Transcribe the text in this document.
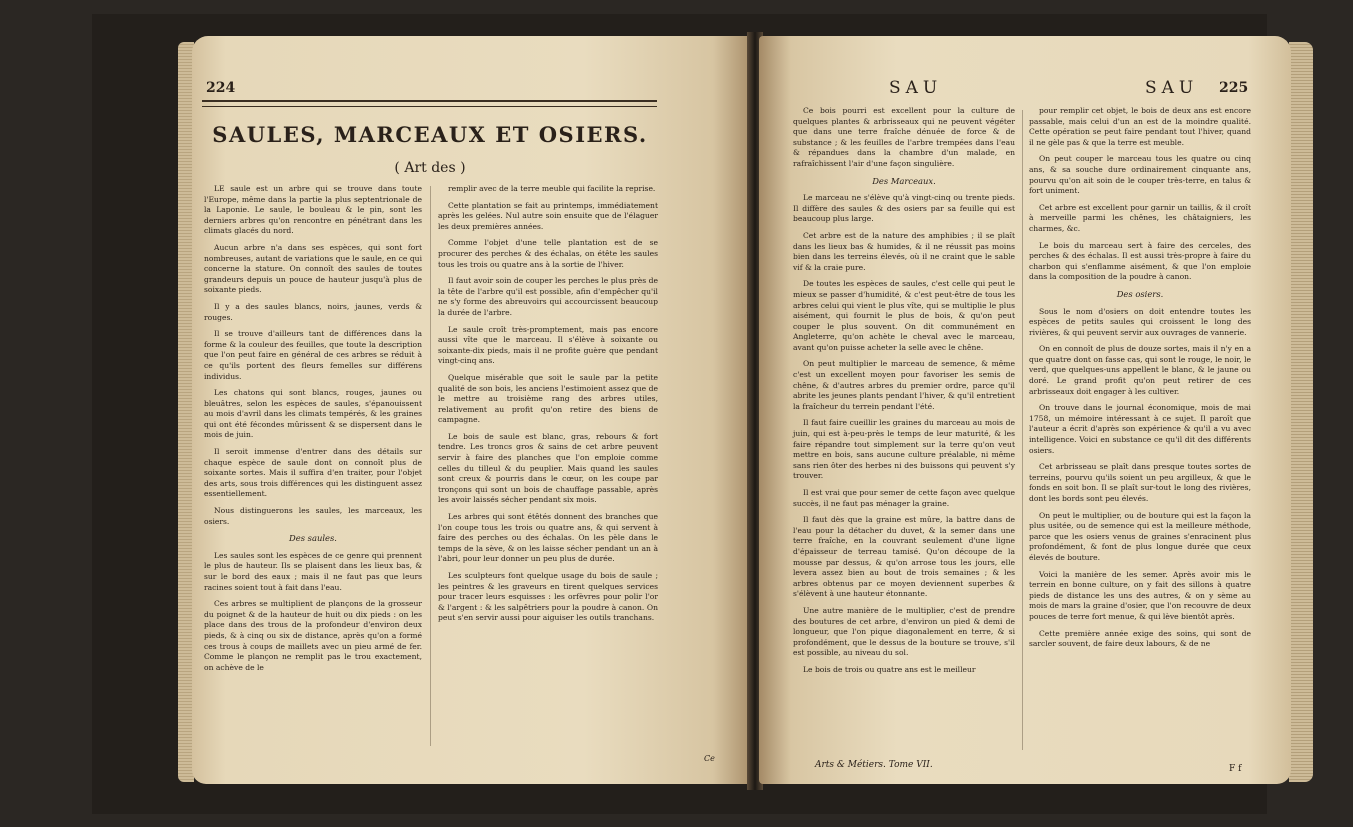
224
SAULES, MARCEAUX ET OSIERS.
( Art des )

LE saule est un arbre qui se trouve dans toute l'Europe, même dans la partie la plus septentrionale de la Laponie. Le saule, le bouleau & le pin, sont les derniers arbres qu'on rencontre en pénétrant dans les climats glacés du nord.

Aucun arbre n'a dans ses espèces, qui sont fort nombreuses, autant de variations que le saule, en ce qui concerne la stature. On connoît des saules de toutes grandeurs depuis un pouce de hauteur jusqu'à plus de soixante pieds.

Il y a des saules blancs, noirs, jaunes, verds & rouges.

Il se trouve d'ailleurs tant de différences dans la forme & la couleur des feuilles, que toute la description que l'on peut faire en général de ces arbres se réduit à ce qu'ils portent des fleurs femelles sur différens individus.

Les chatons qui sont blancs, rouges, jaunes ou bleuâtres, selon les espèces de saules, s'épanouissent au mois d'avril dans les climats tempérés, & les graines qui ont été fécondes mûrissent & se dispersent dans le mois de juin.

Il seroit immense d'entrer dans des détails sur chaque espèce de saule dont on connoît plus de soixante sortes. Mais il suffira d'en traiter, pour l'objet des arts, sous trois différences qui les distinguent assez essentiellement.

Nous distinguerons les saules, les marceaux, les osiers.

Des saules.

Les saules sont les espèces de ce genre qui prennent le plus de hauteur. Ils se plaisent dans les lieux bas, & sur le bord des eaux ; mais il ne faut pas que leurs racines soient tout à fait dans l'eau.

Ces arbres se multiplient de plançons de la grosseur du poignet & de la hauteur de huit ou dix pieds : on les place dans des trous de la profondeur d'environ deux pieds, & à cinq ou six de distance, après qu'on a formé ces trous à coups de maillets avec un pieu armé de fer. Comme le plançon ne remplit pas le trou exactement, on achève de le

remplir avec de la terre meuble qui facilite la reprise.

Cette plantation se fait au printemps, immédiatement après les gelées. Nul autre soin ensuite que de l'élaguer les deux premières années.

Comme l'objet d'une telle plantation est de se procurer des perches & des échalas, on étête les saules tous les trois ou quatre ans à la sortie de l'hiver.

Il faut avoir soin de couper les perches le plus près de la tête de l'arbre qu'il est possible, afin d'empêcher qu'il ne s'y forme des abreuvoirs qui accourcissent beaucoup la durée de l'arbre.

Le saule croît très-promptement, mais pas encore aussi vîte que le marceau. Il s'élève à soixante ou soixante-dix pieds, mais il ne profite guère que pendant vingt-cinq ans.

Quelque misérable que soit le saule par la petite qualité de son bois, les anciens l'estimoient assez que de le mettre au troisième rang des arbres utiles, relativement au profit qu'on retire des biens de campagne.

Le bois de saule est blanc, gras, rebours & fort tendre. Les troncs gros & sains de cet arbre peuvent servir à faire des planches que l'on emploie comme celles du tilleul & du peuplier. Mais quand les saules sont creux & pourris dans le cœur, on les coupe par tronçons qui sont un bois de chauffage passable, après les avoir laissés sécher pendant six mois.

Les arbres qui sont étêtés donnent des branches que l'on coupe tous les trois ou quatre ans, & qui servent à faire des perches ou des échalas. On les pèle dans le temps de la sève, & on les laisse sécher pendant un an à l'abri, pour leur donner un peu plus de durée.

Les sculpteurs font quelque usage du bois de saule ; les peintres & les graveurs en tirent quelques services pour tracer leurs esquisses : les orfèvres pour polir l'or & l'argent : & les salpêtriers pour la poudre à canon. On peut s'en servir aussi pour aiguiser les outils tranchans.

Ce
SAU	SAU 225

Ce bois pourri est excellent pour la culture de quelques plantes & arbrisseaux qui ne peuvent végéter que dans une terre fraîche dénuée de force & de substance ; & les feuilles de l'arbre trempées dans l'eau & répandues dans la chambre d'un malade, en rafraîchissent l'air d'une façon singulière.

Des Marceaux.

Le marceau ne s'élève qu'à vingt-cinq ou trente pieds. Il diffère des saules & des osiers par sa feuille qui est beaucoup plus large.

Cet arbre est de la nature des amphibies ; il se plaît dans les lieux bas & humides, & il ne réussit pas moins bien dans les terreins élevés, où il ne craint que le sable vif & la craie pure.

De toutes les espèces de saules, c'est celle qui peut le mieux se passer d'humidité, & c'est peut-être de tous les arbres celui qui vient le plus vîte, qui se multiplie le plus aisément, qui fournit le plus de bois, & qu'on peut couper le plus souvent. On dit communément en Angleterre, qu'on achète le cheval avec le marceau, avant qu'on puisse acheter la selle avec le chêne.

On peut multiplier le marceau de semence, & même c'est un excellent moyen pour favoriser les semis de chêne, & d'autres arbres du premier ordre, parce qu'il abrite les jeunes plants pendant l'hiver, & qu'il entretient la fraîcheur du terrein pendant l'été.

Il faut faire cueillir les graines du marceau au mois de juin, qui est à-peu-près le temps de leur maturité, & les faire répandre tout simplement sur la terre qu'on veut mettre en bois, sans aucune culture préalable, ni même sans rien ôter des herbes ni des buissons qui peuvent s'y trouver.

Il est vrai que pour semer de cette façon avec quelque succès, il ne faut pas ménager la graine.

Il faut dès que la graine est mûre, la battre dans de l'eau pour la détacher du duvet, & la semer dans une terre fraîche, en la couvrant seulement d'une ligne d'épaisseur de terreau tamisé. Qu'on découpe de la mousse par dessus, & qu'on arrose tous les jours, elle levera assez bien au bout de trois semaines ; & les arbres obtenus par ce moyen deviennent superbes & s'élèvent à une hauteur étonnante.

Une autre manière de le multiplier, c'est de prendre des boutures de cet arbre, d'environ un pied & demi de longueur, que l'on pique diagonalement en terre, & si profondément, que le dessus de la bouture se trouve, s'il est possible, au niveau du sol.

Le bois de trois ou quatre ans est le meilleur

Arts & Métiers. Tome VII.

pour remplir cet objet, le bois de deux ans est encore passable, mais celui d'un an est de la moindre qualité. Cette opération se peut faire pendant tout l'hiver, quand il ne gèle pas & que la terre est meuble.

On peut couper le marceau tous les quatre ou cinq ans, & sa souche dure ordinairement cinquante ans, pourvu qu'on ait soin de le couper très-terre, en talus & fort uniment.

Cet arbre est excellent pour garnir un taillis, & il croît à merveille parmi les chênes, les châtaigniers, les charmes, &c.

Le bois du marceau sert à faire des cerceles, des perches & des échalas. Il est aussi très-propre à faire du charbon qui s'enflamme aisément, & que l'on emploie dans la composition de la poudre à canon.

Des osiers.

Sous le nom d'osiers on doit entendre toutes les espèces de petits saules qui croissent le long des rivières, & qui peuvent servir aux ouvrages de vannerie.

On en connoît de plus de douze sortes, mais il n'y en a que quatre dont on fasse cas, qui sont le rouge, le noir, le verd, que quelques-uns appellent le blanc, & le jaune ou doré. Le grand profit qu'on peut retirer de ces arbrisseaux doit engager à les cultiver.

On trouve dans le journal économique, mois de mai 1758, un mémoire intéressant à ce sujet. Il paroît que l'auteur a écrit d'après son expérience & qu'il a vu avec intelligence. Voici en substance ce qu'il dit des différents osiers.

Cet arbrisseau se plaît dans presque toutes sortes de terreins, pourvu qu'ils soient un peu argilleux, & que le fonds en soit bon. Il se plaît sur-tout le long des rivières, dont les bords sont peu élevés.

On peut le multiplier, ou de bouture qui est la façon la plus usitée, ou de semence qui est la meilleure méthode, parce que les osiers venus de graines s'enracinent plus profondément, & font de plus longue durée que ceux élevés de bouture.

Voici la manière de les semer. Après avoir mis le terrein en bonne culture, on y fait des sillons à quatre pieds de distance les uns des autres, & on y sème au mois de mars la graine d'osier, que l'on recouvre de deux pouces de terre fort menue, & qui lève bientôt après.

Cette première année exige des soins, qui sont de sarcler souvent, de faire deux labours, & de ne

F f
